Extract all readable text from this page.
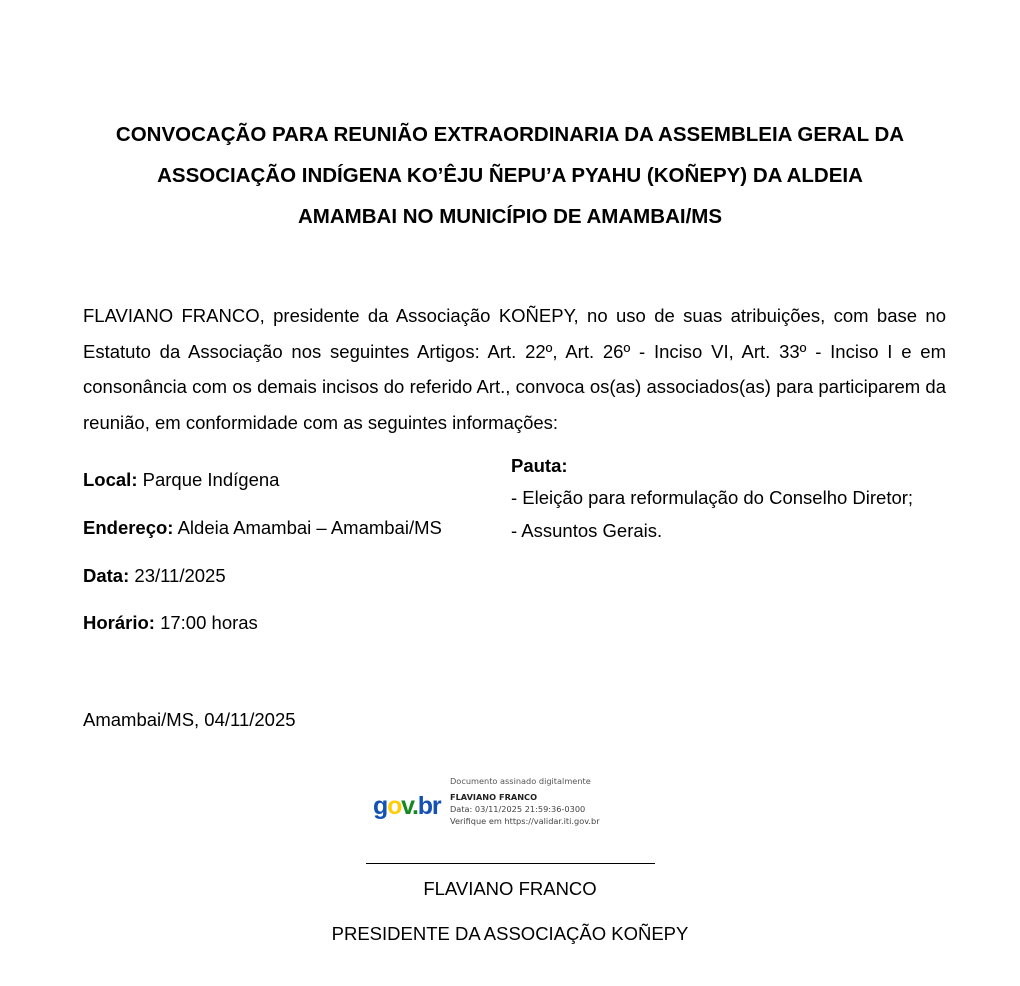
CONVOCAÇÃO PARA REUNIÃO EXTRAORDINARIA DA ASSEMBLEIA GERAL DA
ASSOCIAÇÃO INDÍGENA KO’ÊJU ÑEPU’A PYAHU (KOÑEPY) DA ALDEIA
AMAMBAI NO MUNICÍPIO DE AMAMBAI/MS
FLAVIANO FRANCO, presidente da Associação KOÑEPY, no uso de suas atribuições, com base no Estatuto da Associação nos seguintes Artigos: Art. 22º, Art. 26º - Inciso VI, Art. 33º - Inciso I e em consonância com os demais incisos do referido Art., convoca os(as) associados(as) para participarem da reunião, em conformidade com as seguintes informações:
Local: Parque Indígena
Endereço: Aldeia Amambai – Amambai/MS
Data: 23/11/2025
Horário: 17:00 horas
Pauta:
- Eleição para reformulação do Conselho Diretor;
- Assuntos Gerais.
Amambai/MS, 04/11/2025
gov.br
Documento assinado digitalmente
FLAVIANO FRANCO
Data: 03/11/2025 21:59:36-0300
Verifique em https://validar.iti.gov.br
FLAVIANO FRANCO
PRESIDENTE DA ASSOCIAÇÃO KOÑEPY
